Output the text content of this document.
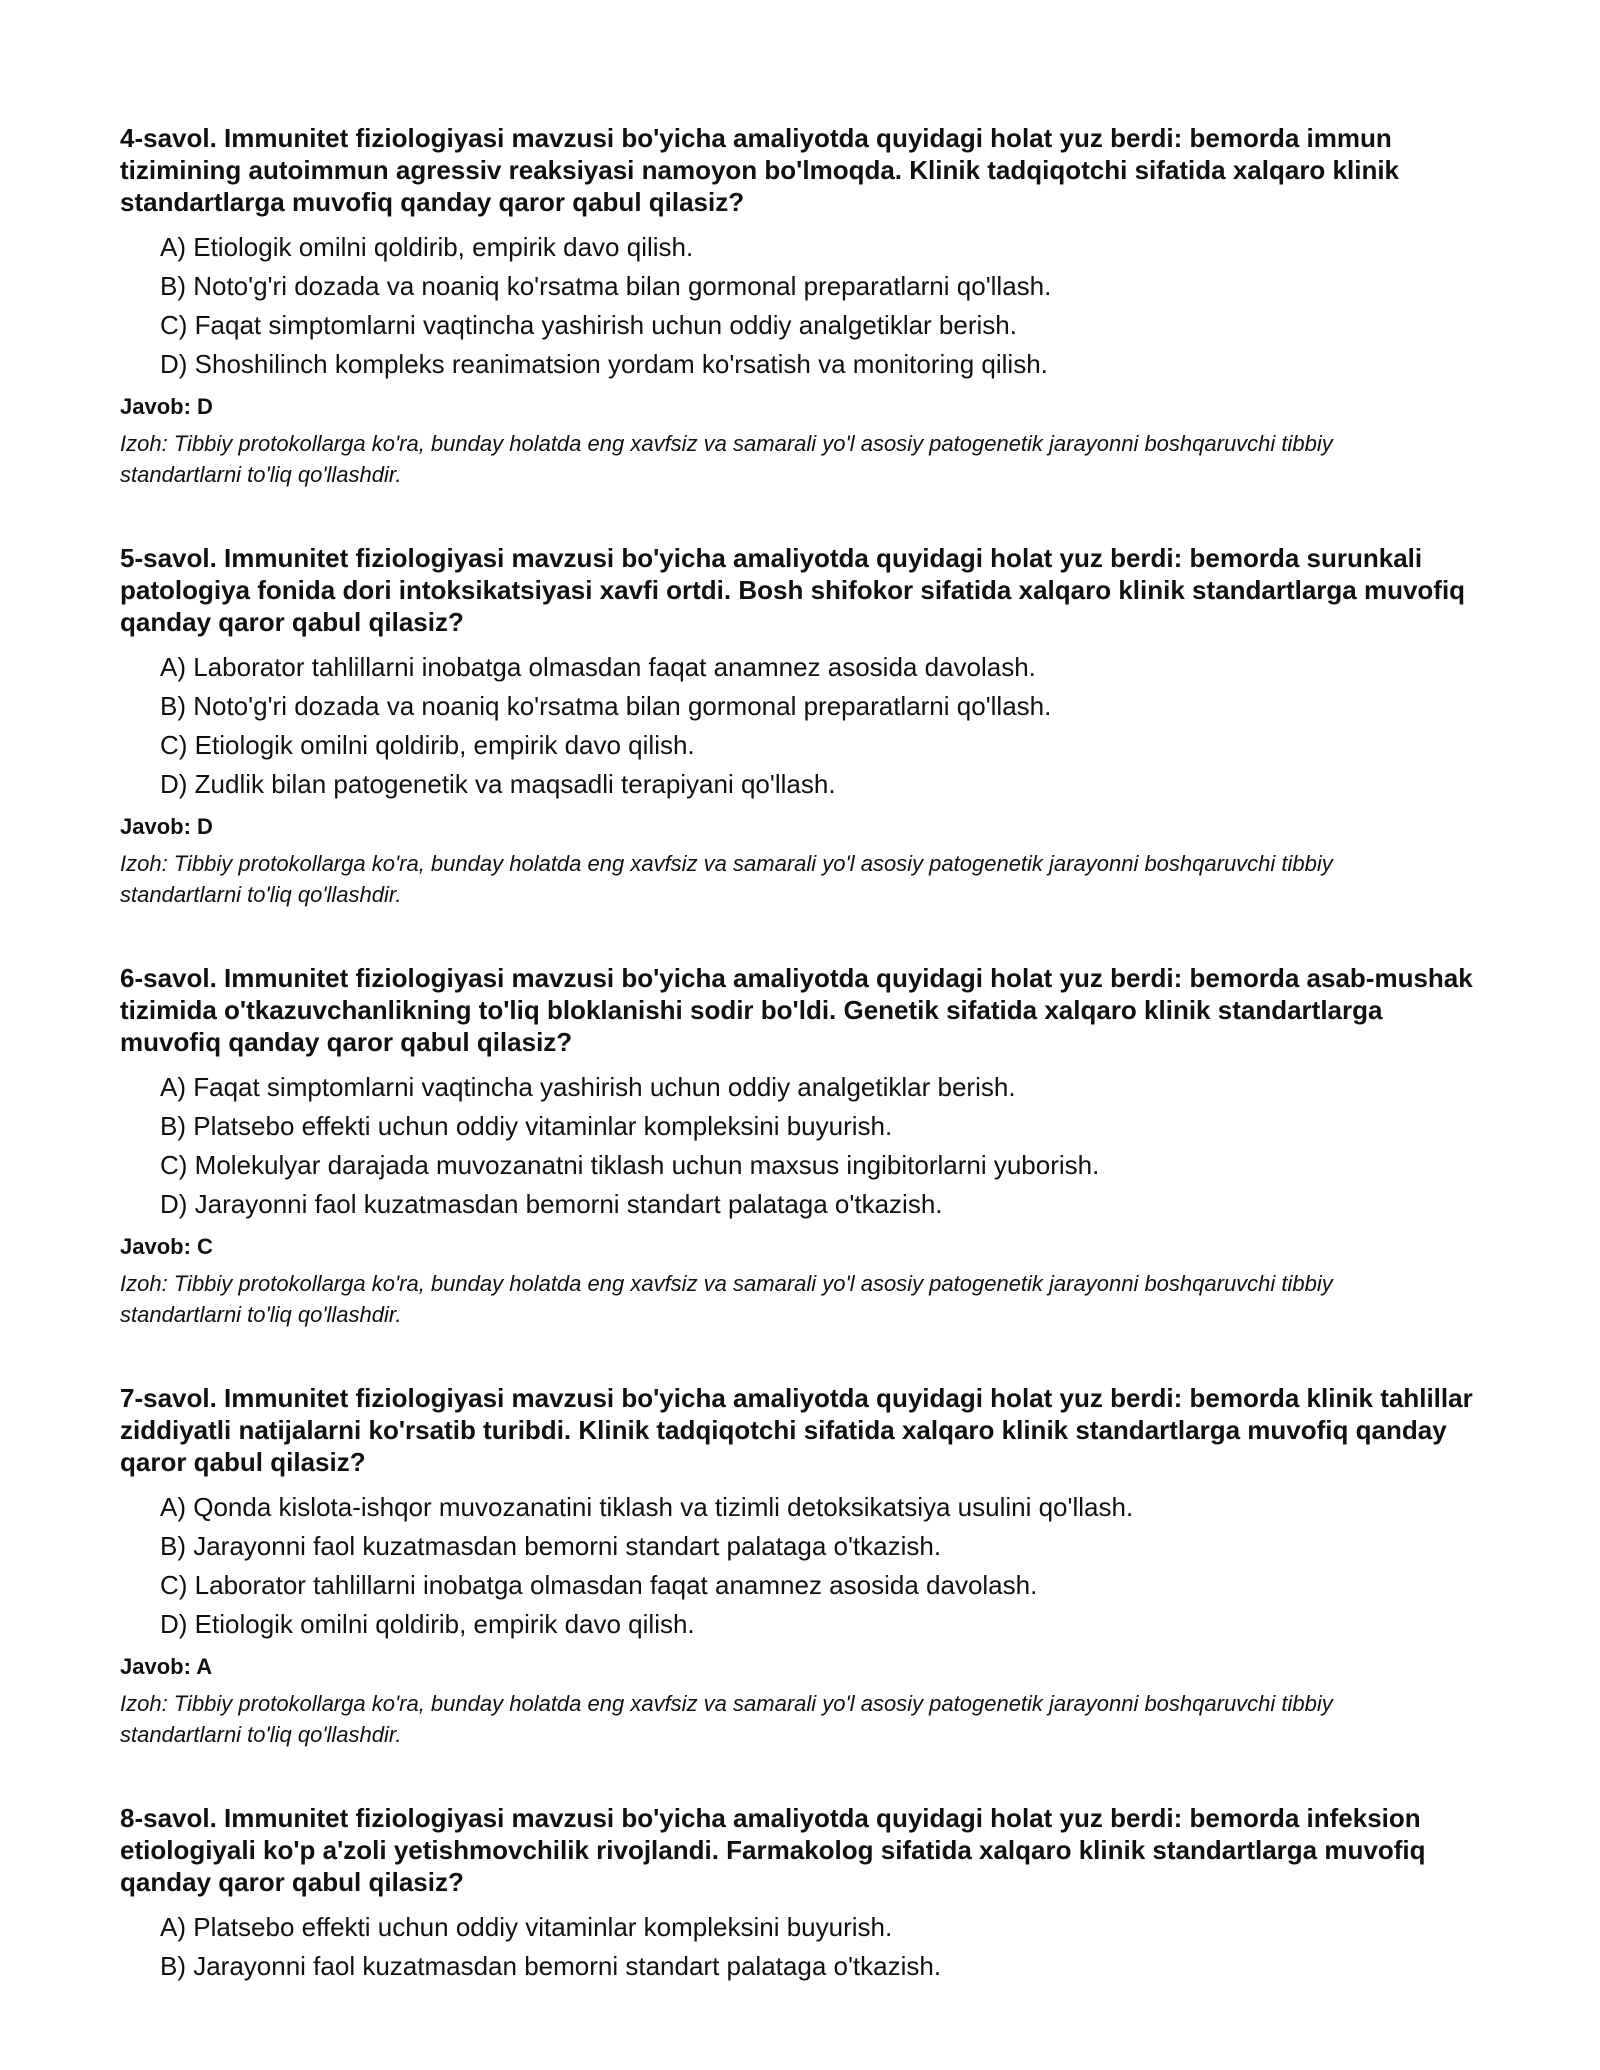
4-savol. Immunitet fiziologiyasi mavzusi bo'yicha amaliyotda quyidagi holat yuz berdi: bemorda immun tizimining autoimmun agressiv reaksiyasi namoyon bo'lmoqda. Klinik tadqiqotchi sifatida xalqaro klinik standartlarga muvofiq qanday qaror qabul qilasiz?

A) Etiologik omilni qoldirib, empirik davo qilish.
B) Noto'g'ri dozada va noaniq ko'rsatma bilan gormonal preparatlarni qo'llash.
C) Faqat simptomlarni vaqtincha yashirish uchun oddiy analgetiklar berish.
D) Shoshilinch kompleks reanimatsion yordam ko'rsatish va monitoring qilish.

Javob: D

Izoh: Tibbiy protokollarga ko'ra, bunday holatda eng xavfsiz va samarali yo'l asosiy patogenetik jarayonni boshqaruvchi tibbiy standartlarni to'liq qo'llashdir.

5-savol. Immunitet fiziologiyasi mavzusi bo'yicha amaliyotda quyidagi holat yuz berdi: bemorda surunkali patologiya fonida dori intoksikatsiyasi xavfi ortdi. Bosh shifokor sifatida xalqaro klinik standartlarga muvofiq qanday qaror qabul qilasiz?

A) Laborator tahlillarni inobatga olmasdan faqat anamnez asosida davolash.
B) Noto'g'ri dozada va noaniq ko'rsatma bilan gormonal preparatlarni qo'llash.
C) Etiologik omilni qoldirib, empirik davo qilish.
D) Zudlik bilan patogenetik va maqsadli terapiyani qo'llash.

Javob: D

Izoh: Tibbiy protokollarga ko'ra, bunday holatda eng xavfsiz va samarali yo'l asosiy patogenetik jarayonni boshqaruvchi tibbiy standartlarni to'liq qo'llashdir.

6-savol. Immunitet fiziologiyasi mavzusi bo'yicha amaliyotda quyidagi holat yuz berdi: bemorda asab-mushak tizimida o'tkazuvchanlikning to'liq bloklanishi sodir bo'ldi. Genetik sifatida xalqaro klinik standartlarga muvofiq qanday qaror qabul qilasiz?

A) Faqat simptomlarni vaqtincha yashirish uchun oddiy analgetiklar berish.
B) Platsebo effekti uchun oddiy vitaminlar kompleksini buyurish.
C) Molekulyar darajada muvozanatni tiklash uchun maxsus ingibitorlarni yuborish.
D) Jarayonni faol kuzatmasdan bemorni standart palataga o'tkazish.

Javob: C

Izoh: Tibbiy protokollarga ko'ra, bunday holatda eng xavfsiz va samarali yo'l asosiy patogenetik jarayonni boshqaruvchi tibbiy standartlarni to'liq qo'llashdir.

7-savol. Immunitet fiziologiyasi mavzusi bo'yicha amaliyotda quyidagi holat yuz berdi: bemorda klinik tahlillar ziddiyatli natijalarni ko'rsatib turibdi. Klinik tadqiqotchi sifatida xalqaro klinik standartlarga muvofiq qanday qaror qabul qilasiz?

A) Qonda kislota-ishqor muvozanatini tiklash va tizimli detoksikatsiya usulini qo'llash.
B) Jarayonni faol kuzatmasdan bemorni standart palataga o'tkazish.
C) Laborator tahlillarni inobatga olmasdan faqat anamnez asosida davolash.
D) Etiologik omilni qoldirib, empirik davo qilish.

Javob: A

Izoh: Tibbiy protokollarga ko'ra, bunday holatda eng xavfsiz va samarali yo'l asosiy patogenetik jarayonni boshqaruvchi tibbiy standartlarni to'liq qo'llashdir.

8-savol. Immunitet fiziologiyasi mavzusi bo'yicha amaliyotda quyidagi holat yuz berdi: bemorda infeksion etiologiyali ko'p a'zoli yetishmovchilik rivojlandi. Farmakolog sifatida xalqaro klinik standartlarga muvofiq qanday qaror qabul qilasiz?

A) Platsebo effekti uchun oddiy vitaminlar kompleksini buyurish.
B) Jarayonni faol kuzatmasdan bemorni standart palataga o'tkazish.
